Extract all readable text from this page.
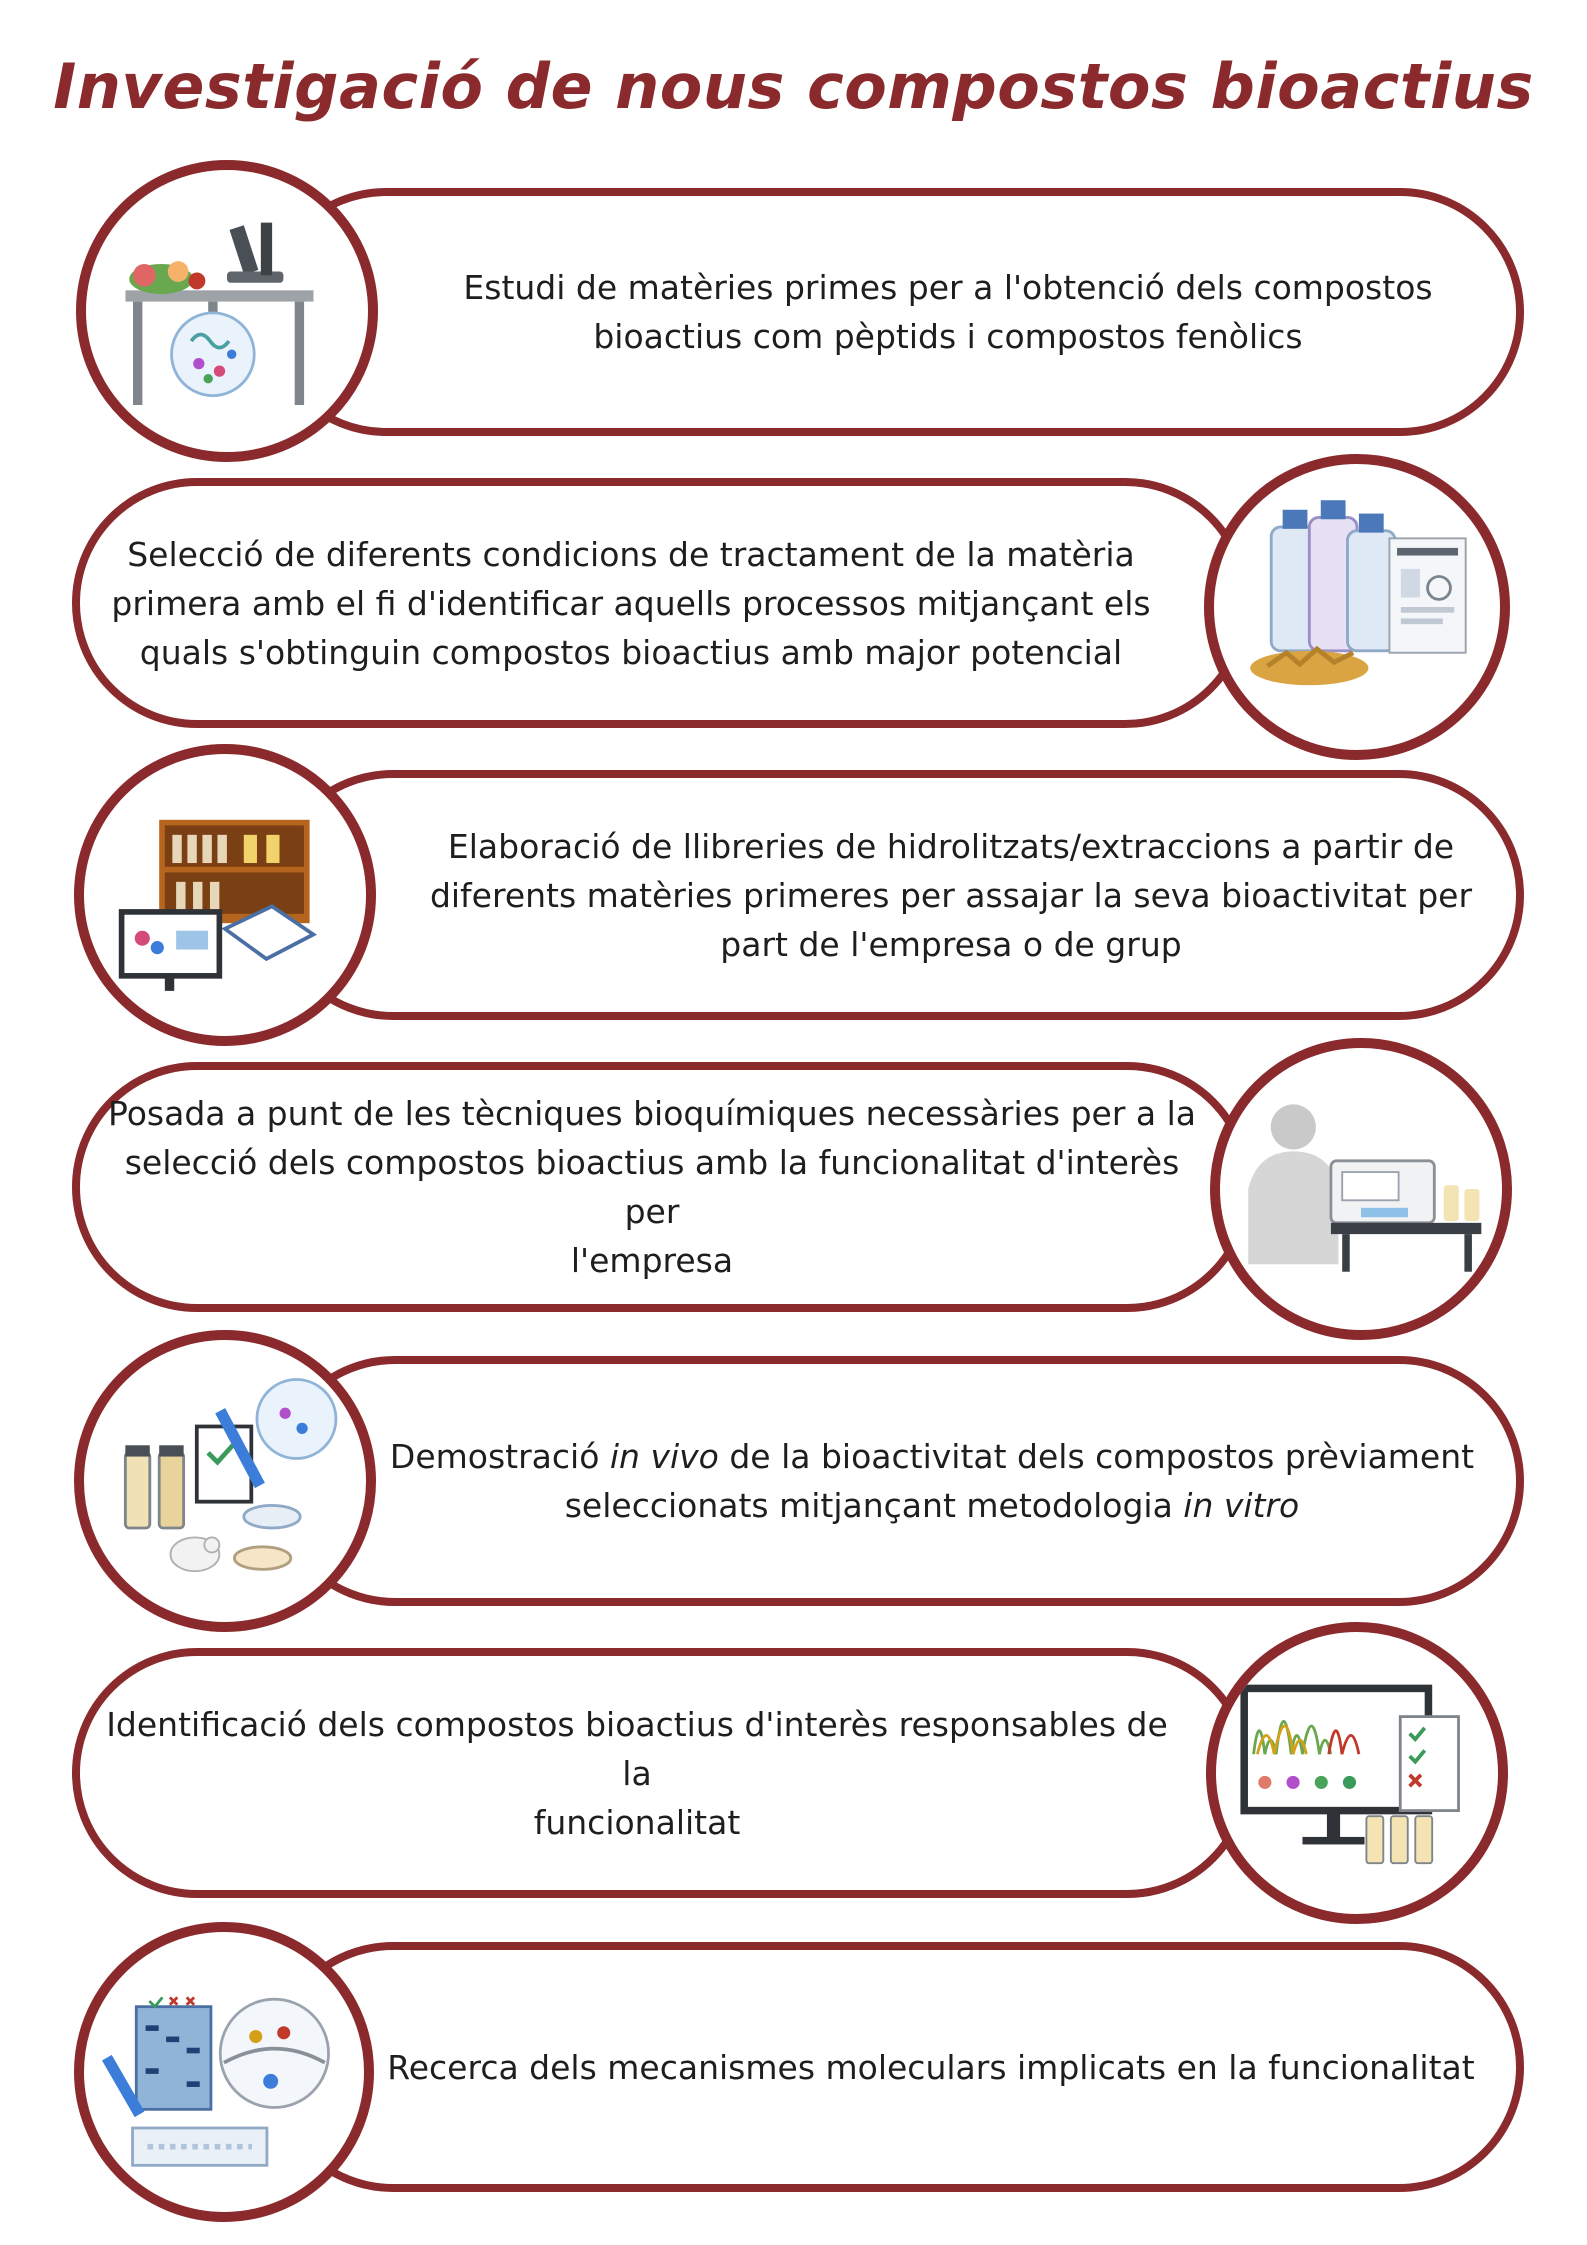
Investigació de nous compostos bioactius
Estudi de matèries primes per a l'obtenció dels compostos
bioactius com pèptids i compostos fenòlics
Selecció de diferents condicions de tractament de la matèria
primera amb el fi d'identificar aquells processos mitjançant els
quals s'obtinguin compostos bioactius amb major potencial
Elaboració de llibreries de hidrolitzats/extraccions a partir de
diferents matèries primeres per assajar la seva bioactivitat per
part de l'empresa o de grup
Posada a punt de les tècniques bioquímiques necessàries per a la
selecció dels compostos bioactius amb la funcionalitat d'interès per
l'empresa
Demostració in vivo de la bioactivitat dels compostos prèviament
seleccionats mitjançant metodologia in vitro
Identificació dels compostos bioactius d'interès responsables de la
funcionalitat
Recerca dels mecanismes moleculars implicats en la funcionalitat
